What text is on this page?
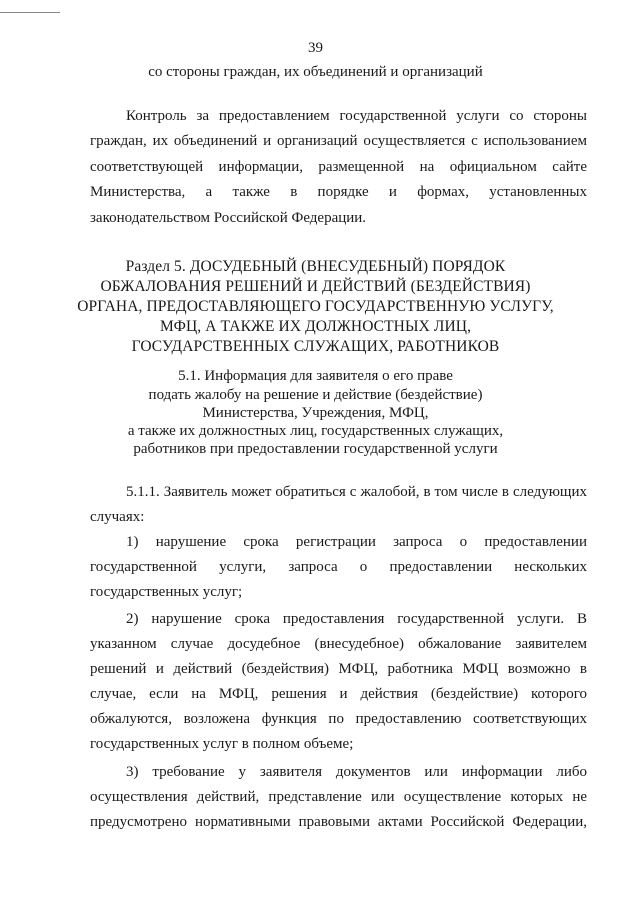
39
со стороны граждан, их объединений и организаций
Контроль за предоставлением государственной услуги со стороны
граждан, их объединений и организаций осуществляется с использованием
соответствующей информации, размещенной на официальном сайте
Министерства, а также в порядке и формах, установленных
законодательством Российской Федерации.
Раздел 5. ДОСУДЕБНЫЙ (ВНЕСУДЕБНЫЙ) ПОРЯДОК
ОБЖАЛОВАНИЯ РЕШЕНИЙ И ДЕЙСТВИЙ (БЕЗДЕЙСТВИЯ)
ОРГАНА, ПРЕДОСТАВЛЯЮЩЕГО ГОСУДАРСТВЕННУЮ УСЛУГУ,
МФЦ, А ТАКЖЕ ИХ ДОЛЖНОСТНЫХ ЛИЦ,
ГОСУДАРСТВЕННЫХ СЛУЖАЩИХ, РАБОТНИКОВ
5.1. Информация для заявителя о его праве
подать жалобу на решение и действие (бездействие)
Министерства, Учреждения, МФЦ,
а также их должностных лиц, государственных служащих,
работников при предоставлении государственной услуги
5.1.1. Заявитель может обратиться с жалобой, в том числе в следующих
случаях:
1) нарушение срока регистрации запроса о предоставлении
государственной услуги, запроса о предоставлении нескольких
государственных услуг;
2) нарушение срока предоставления государственной услуги. В
указанном случае досудебное (внесудебное) обжалование заявителем
решений и действий (бездействия) МФЦ, работника МФЦ возможно в
случае, если на МФЦ, решения и действия (бездействие) которого
обжалуются, возложена функция по предоставлению соответствующих
государственных услуг в полном объеме;
3) требование у заявителя документов или информации либо
осуществления действий, представление или осуществление которых не
предусмотрено нормативными правовыми актами Российской Федерации,
